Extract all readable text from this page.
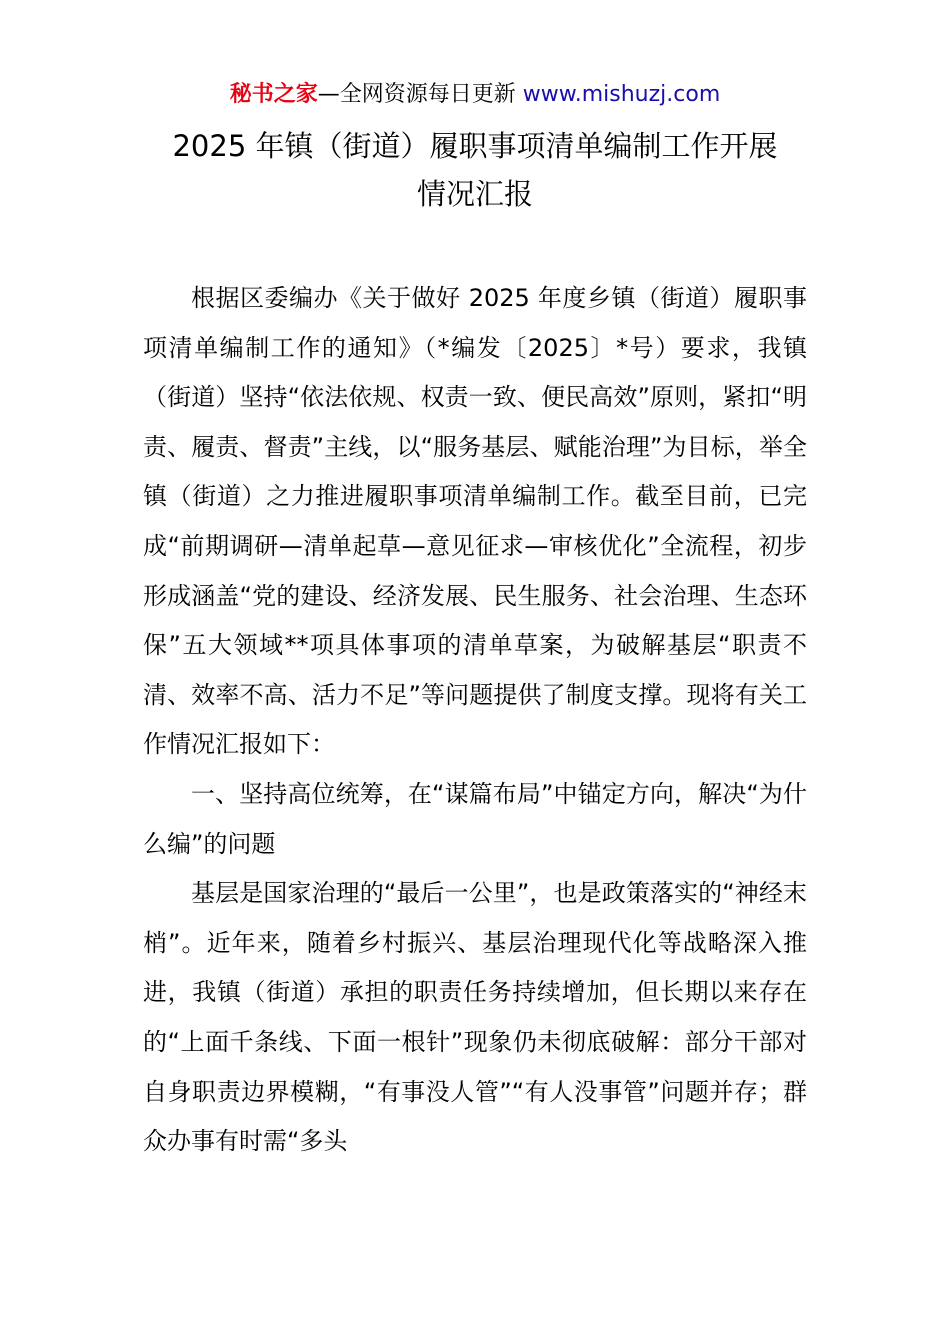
秘书之家—全网资源每日更新 www.mishuzj.com
2025 年镇（街道）履职事项清单编制工作开展
情况汇报

根据区委编办《关于做好 2025 年度乡镇（街道）履职事项清单编制工作的通知》（*编发〔2025〕*号）要求，我镇（街道）坚持“依法依规、权责一致、便民高效”原则，紧扣“明责、履责、督责”主线，以“服务基层、赋能治理”为目标，举全镇（街道）之力推进履职事项清单编制工作。截至目前，已完成“前期调研—清单起草—意见征求—审核优化”全流程，初步形成涵盖“党的建设、经济发展、民生服务、社会治理、生态环保”五大领域**项具体事项的清单草案，为破解基层“职责不清、效率不高、活力不足”等问题提供了制度支撑。现将有关工作情况汇报如下：

一、坚持高位统筹，在“谋篇布局”中锚定方向，解决“为什么编”的问题

基层是国家治理的“最后一公里”，也是政策落实的“神经末梢”。近年来，随着乡村振兴、基层治理现代化等战略深入推进，我镇（街道）承担的职责任务持续增加，但长期以来存在的“上面千条线、下面一根针”现象仍未彻底破解：部分干部对自身职责边界模糊，“有事没人管”“有人没事管”问题并存；群众办事有时需“多头
